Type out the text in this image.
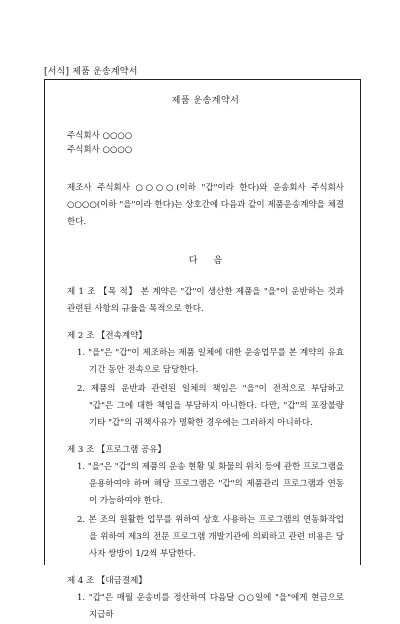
[서식] 제품 운송계약서
제품 운송계약서

주식회사 ○○○○

주식회사 ○○○○

제조사 주식회사 ○○○○(이하 "갑"이라 한다)와 운송회사 주식회사 ○○○○(이하 "을"이라 한다)는 상호간에 다음과 같이 제품운송계약을 체결한다.
다 음
제 1 조 【목 적】 본 계약은 "갑"이 생산한 제품을 "을"이 운반하는 것과 관련된 사항의 규율을 목적으로 한다.
제 2 조 【전속계약】
1. "을"은 "갑"이 제조하는 제품 일체에 대한 운송업무를 본 계약의 유효기간 동안 전속으로 담당한다.
2. 제품의 운반과 관련된 일체의 책임은 "을"이 전적으로 부담하고 "갑"은 그에 대한 책임을 부담하지 아니한다. 다만, "갑"의 포장불량 기타 "갑"의 귀책사유가 명확한 경우에는 그러하지 아니하다.
제 3 조 【프로그램 공유】
1. "을"은 "갑"의 제품의 운송 현황 및 화물의 위치 등에 관한 프로그램을 운용하여야 하며 해당 프로그램은 "갑"의 제품관리 프로그램과 연동이 가능하여야 한다.
2. 본 조의 원활한 업무를 위하여 상호 사용하는 프로그램의 연동화작업을 위하여 제3의 전문 프로그램 개발기관에 의뢰하고 관련 비용은 당사자 쌍방이 1/2씩 부담한다.
제 4 조 【대금결제】
1. "갑"은 매월 운송비를 정산하여 다음달 ○○일에 "을"에게 현금으로 지급하
